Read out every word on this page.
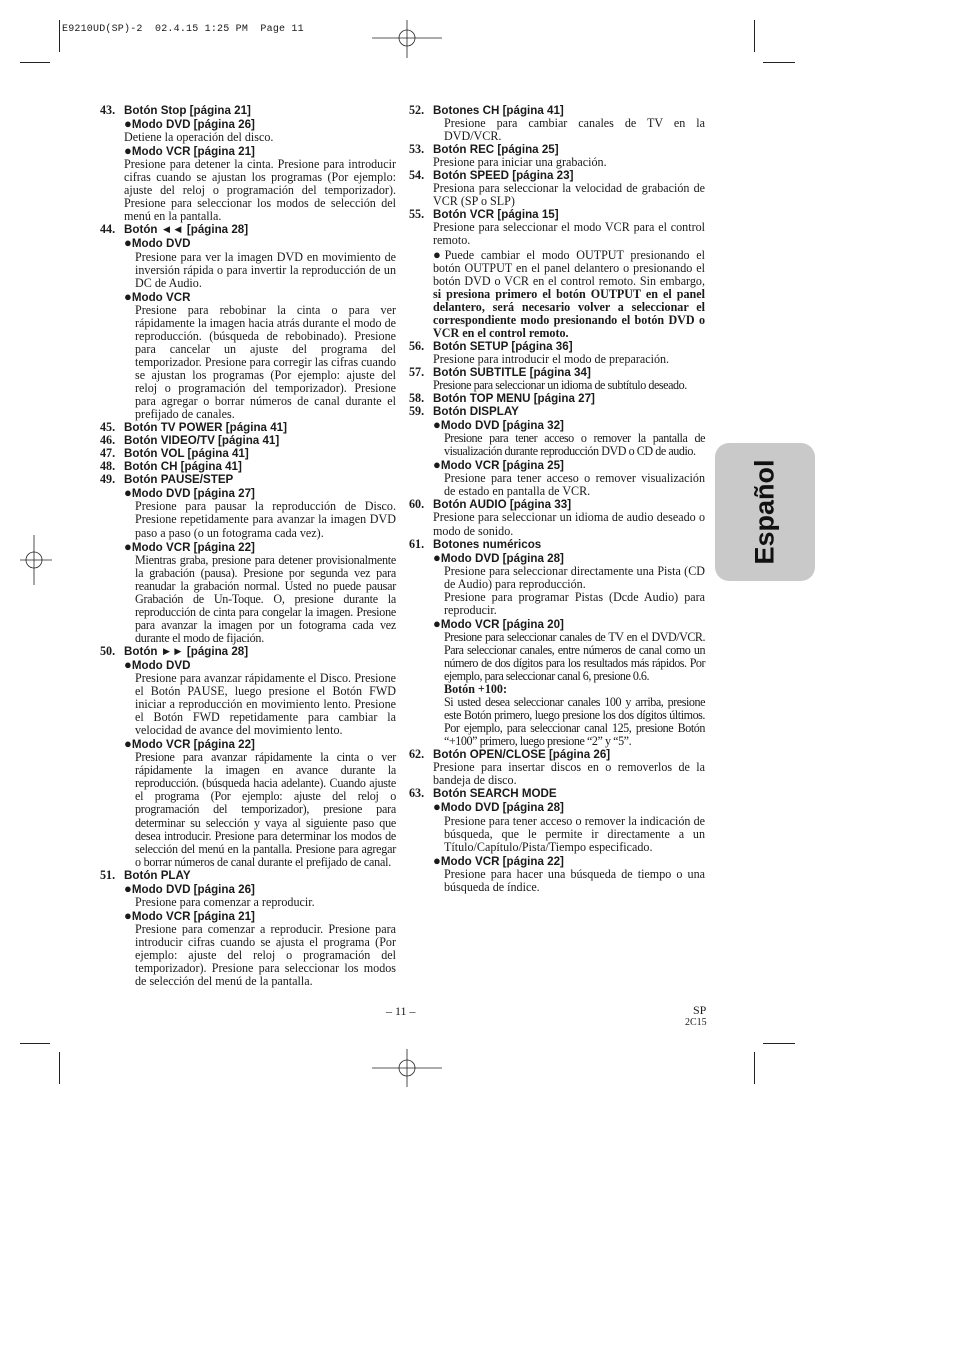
E9210UD(SP)-2  02.4.15 1:25 PM  Page 11
Español
43. Botón Stop [página 21]
●Modo DVD [página 26]
Detiene la operación del disco.
●Modo VCR [página 21]
Presione para detener la cinta. Presione para introducir cifras cuando se ajustan los programas (Por ejemplo: ajuste del reloj o programación del temporizador). Presione para seleccionar los modos de selección del menú en la pantalla.
44. Botón ◄◄ [página 28]
●Modo DVD
Presione para ver la imagen DVD en movimiento de inversión rápida o para invertir la reproducción de un DC de Audio.
●Modo VCR
Presione para rebobinar la cinta o para ver rápidamente la imagen hacia atrás durante el modo de reproducción. (búsqueda de rebobinado). Presione para cancelar un ajuste del programa del temporizador. Presione para corregir las cifras cuando se ajustan los programas (Por ejemplo: ajuste del reloj o programación del temporizador). Presione para agregar o borrar números de canal durante el prefijado de canales.
45. Botón TV POWER [página 41]
46. Botón VIDEO/TV [página 41]
47. Botón VOL [página 41]
48. Botón CH [página 41]
49. Botón PAUSE/STEP
●Modo DVD [página 27]
Presione para pausar la reproducción de Disco. Presione repetidamente para avanzar la imagen DVD paso a paso (o un fotograma cada vez).
●Modo VCR [página 22]
Mientras graba, presione para detener provisionalmente la grabación (pausa). Presione por segunda vez para reanudar la grabación normal. Usted no puede pausar Grabación de Un-Toque. O, presione durante la reproducción de cinta para congelar la imagen. Presione para avanzar la imagen por un fotograma cada vez durante el modo de fijación.
50. Botón ►► [página 28]
●Modo DVD
Presione para avanzar rápidamente el Disco. Presione el Botón PAUSE, luego presione el Botón FWD iniciar a reproducción en movimiento lento. Presione el Botón FWD repetidamente para cambiar la velocidad de avance del movimiento lento.
●Modo VCR [página 22]
Presione para avanzar rápidamente la cinta o ver rápidamente la imagen en avance durante la reproducción. (búsqueda hacia adelante). Cuando ajuste el programa (Por ejemplo: ajuste del reloj o programación del temporizador), presione para determinar su selección y vaya al siguiente paso que desea introducir. Presione para determinar los modos de selección del menú en la pantalla. Presione para agregar o borrar números de canal durante el prefijado de canal.
51. Botón PLAY
●Modo DVD [página 26]
Presione para comenzar a reproducir.
●Modo VCR [página 21]
Presione para comenzar a reproducir. Presione para introducir cifras cuando se ajusta el programa (Por ejemplo: ajuste del reloj o programación del temporizador). Presione para seleccionar los modos de selección del menú de la pantalla.
52. Botones CH [página 41]
Presione para cambiar canales de TV en la DVD/VCR.
53. Botón REC [página 25]
Presione para iniciar una grabación.
54. Botón SPEED [página 23]
Presiona para seleccionar la velocidad de grabación de VCR (SP o SLP)
55. Botón VCR [página 15]
Presione para seleccionar el modo VCR para el control remoto.
●Puede cambiar el modo OUTPUT presionando el botón OUTPUT en el panel delantero o presionando el botón DVD o VCR en el control remoto. Sin embargo, si presiona primero el botón OUTPUT en el panel delantero, será necesario volver a seleccionar el correspondiente modo presionando el botón DVD o VCR en el control remoto.
56. Botón SETUP [página 36]
Presione para introducir el modo de preparación.
57. Botón SUBTITLE [página 34]
Presione para seleccionar un idioma de subtítulo deseado.
58. Botón TOP MENU [página 27]
59. Botón DISPLAY
●Modo DVD [página 32]
Presione para tener acceso o remover la pantalla de visualización durante reproducción DVD o CD de audio.
●Modo VCR [página 25]
Presione para tener acceso o remover visualización de estado en pantalla de VCR.
60. Botón AUDIO [página 33]
Presione para seleccionar un idioma de audio deseado o modo de sonido.
61. Botones numéricos
●Modo DVD [página 28]
Presione para seleccionar directamente una Pista (CD de Audio) para reproducción.
Presione para programar Pistas (Dcde Audio) para reproducir.
●Modo VCR [página 20]
Presione para seleccionar canales de TV en el DVD/VCR. Para seleccionar canales, entre números de canal como un número de dos dígitos para los resultados más rápidos. Por ejemplo, para seleccionar canal 6, presione 0.6.
Botón +100:
Si usted desea seleccionar canales 100 y arriba, presione este Botón primero, luego presione los dos dígitos últimos. Por ejemplo, para seleccionar canal 125, presione Botón “+100” primero, luego presione “2” y “5”.
62. Botón OPEN/CLOSE [página 26]
Presione para insertar discos en o removerlos de la bandeja de disco.
63. Botón SEARCH MODE
●Modo DVD [página 28]
Presione para tener acceso o remover la indicación de búsqueda, que le permite ir directamente a un Título/Capítulo/Pista/Tiempo especificado.
●Modo VCR [página 22]
Presione para hacer una búsqueda de tiempo o una búsqueda de índice.
– 11 –	SP
2C15
